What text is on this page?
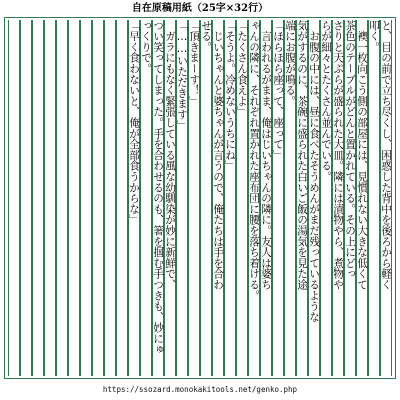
自在原稿用紙（25字×32行）
と、目の前で立ち尽くし、困惑した背中を後ろから軽く
叩く。
　襖一枚向こう側の部屋には、見慣れない大きな低くて
茶色のテーブルがどんと置かれている。その上にどっ
さりと天ぷらが盛られた大皿。隣には漬物やら、煮物や
らが細々とたくさん並んでいる。
　お腹の中には、昼に食べたそうめんがまだ残っているような
気がするのに、茶碗に盛られた白いご飯の湯気を見た途
端にお腹が鳴る。
「ほらほら座って、座って」
　言われるがまま、俺はじいちゃんの隣に。友人は婆ち
ゃんの隣に、それぞれ置かれた座布団に腰を落ち着ける。
「たくさん食えよ」
「そうよ。冷めないうちにね」
　じいちゃんと婆ちゃんが言うので、俺たちは手を合わ
せる。
「頂きまーす！」
「……いただきます」
　ガラにもなく緊張している風な幼馴染が妙に新鮮で、
つい笑ってしまった。手を合わせるのも、箸を掴む手つきも、妙にゅ
っくりで。
「早く食わないと、俺が全部食うからな」
https://ssozard.monokakitools.net/genko.php
